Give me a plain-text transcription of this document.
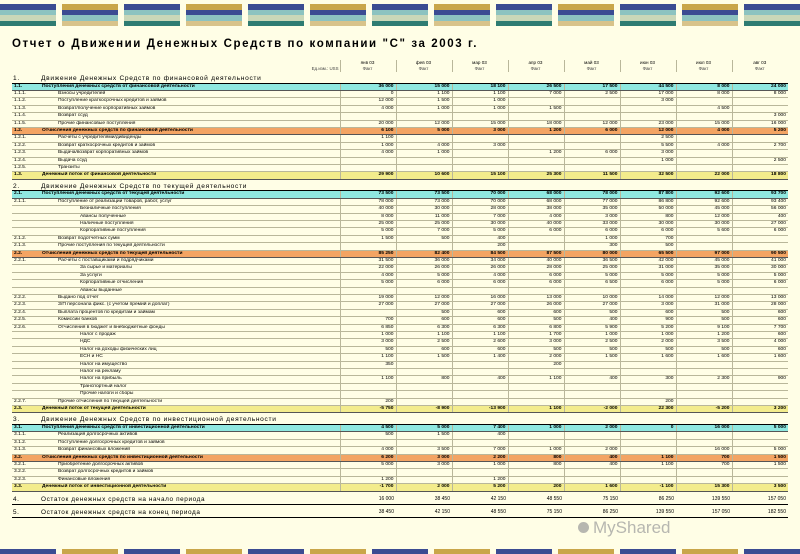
Отчет о Движении Денежных Средств по компании "С" за 2003 г.
		янв 03	фев 03	мар 03	апр 03	май 03	июн 03	июл 03	авг 03
	Ед.изм.: USS	Факт	Факт	Факт	Факт	Факт	Факт	Факт	Факт

1.	Движение Денежных Средств по финансовой деятельности								
1.1.	Поступления денежных средств от финансовой деятельности	36 000	15 000	18 100	26 500	17 500	44 500	8 000	24 000
1.1.1.	Взносы учредителей	0	1 100	1 100	7 000	2 500	17 000	8 000	8 000
1.1.2.	Поступление краткосрочных кредитов и займов	12 000	1 500	1 000			3 000		
1.1.3.	Возврат/получение корпоративных займов	4 000	1 000	1 000	1 500			4 500	
1.1.4.	Возврат ссуд								3 000
1.1.5.	Прочие финансовые поступления	20 000	12 000	15 000	18 000	12 000	23 000	15 000	16 000
1.2.	Отчисления денежных средств по финансовой деятельности	6 100	5 000	3 000	1 200	6 000	12 000	4 000	5 200
1.2.1.	Расчеты с учредителями/дивиденды	1 100					2 500		
1.2.2.	Возврат краткосрочных кредитов и займов	1 000	4 000	3 000			5 500	4 000	2 700
1.2.3.	Выдача/возврат корпоративных займов	4 000	1 000		1 200	6 000	3 000		
1.2.4.	Выдача ссуд						1 000		2 500
1.2.5.	Транзиты								
1.3.	Денежный поток от финансовой деятельности	29 900	10 600	15 100	25 300	11 500	32 500	22 000	18 800

2.	Движение Денежных Средств по текущей деятельности								
2.1.	Поступления денежных средств от текущей деятельности	73 500	73 500	70 000	68 000	78 000	87 800	92 600	93 700
2.1.1.	Поступление от реализации товаров, работ, услуг	78 000	73 000	70 000	68 000	77 000	86 800	92 600	93 400
	Безналичные поступления	40 000	30 000	28 000	38 000	35 000	50 000	45 000	56 000
	Авансы полученные	8 000	11 000	7 000	4 000	3 000	800	12 000	400
	Наличные поступления	25 000	25 000	30 000	40 000	33 000	30 000	30 000	27 000
	Корпоративные поступления	5 000	7 000	5 000	6 000	6 000	6 000	5 600	6 000
2.1.2.	Возврат подотчетных сумм	1 500	500	400		1 000	700		
2.1.3.	Прочие поступления по текущей деятельности			200		300	500		
2.2.	Отчисления денежных средств по текущей деятельности	85 250	82 400	84 500	87 500	80 000	65 500	97 000	90 500
2.2.1.	Расчеты с поставщиками и подрядчиками	31 500	36 000	34 000	40 000	36 500	42 000	45 000	41 000
	За сырье и материалы	22 000	26 000	26 000	28 000	25 000	31 000	35 000	30 000
	За услуги	4 000	5 000	4 000	6 000	5 000	5 000	5 000	5 000
	Корпоративные отчисления	5 000	6 000	6 000	6 000	6 500	6 000	5 000	6 000
	Авансы выданные								
2.2.2.	Выдано под отчет	19 000	12 000	16 000	13 000	10 000	14 000	12 000	13 000
2.2.3.	З/П персонала фикс. (с учетом премий и доплат)	27 000	27 000	27 000	26 000	27 000	3 000	31 000	28 000
2.2.4.	Выплата процентов по кредитам и займам		500	600	600	500	600	500	600
2.2.5.	Комиссии банков	700	600	600	500	400	900	500	600
2.2.6.	Отчисления в бюджет и внебюджетные фонды	6 850	6 300	6 300	6 800	5 900	5 200	9 100	7 700
	Налог с продаж	1 000	1 100	1 100	1 700	1 000	1 000	1 200	600
	НДС	3 000	2 500	2 600	3 000	2 500	2 000	3 500	4 000
	Налог на доходы физических лиц	500	600	600	500	500	500	500	600
	ЕСН и НС	1 100	1 500	1 400	2 000	1 500	1 600	1 600	1 600
	Налог на имущество	350			200				
	Налог на рекламу								
	Налог на прибыль	1 100	800	400	1 100	400	300	2 300	900
	Транспортный налог								
	Прочие налоги и сборы								
2.2.7.	Прочие отчисления по текущей деятельности	200					200		
2.3.	Денежный поток от текущей деятельности	-5 750	-8 900	-13 900	1 100	-2 000	22 300	-5 200	3 200

3.	Движение Денежных Средств по инвестиционной деятельности								
3.1.	Поступления денежных средств от инвестиционной деятельности	4 500	5 000	7 400	1 000	2 000	0	16 000	5 000
3.1.1.	Реализация долгосрочных активов	500	1 500	400					
3.1.2.	Поступление долгосрочных кредитов и займов								
3.1.3.	Возврат финансовых вложений	4 000	3 500	7 000	1 000	2 000		16 000	5 000
3.2.	Отчисления денежных средств по инвестиционной деятельности	6 200	3 000	2 200	800	400	1 100	700	1 500
3.2.1.	Приобретение долгосрочных активов	5 000	3 000	1 000	800	400	1 100	700	1 500
3.2.2.	Возврат долгосрочных кредитов и займов								
3.2.3.	Финансовые вложения	1 200		1 200					
3.3.	Денежный поток от инвестиционной деятельности	-1 700	2 000	5 200	200	1 600	-1 100	15 300	3 500

4.	Остаток денежных средств на начало периода	16 000	38 450	42 150	48 550	75 150	86 250	139 550	157 050

5.	Остаток денежных средств на конец периода	38 450	42 150	48 550	75 150	86 250	139 550	157 050	182 550
MyShared
